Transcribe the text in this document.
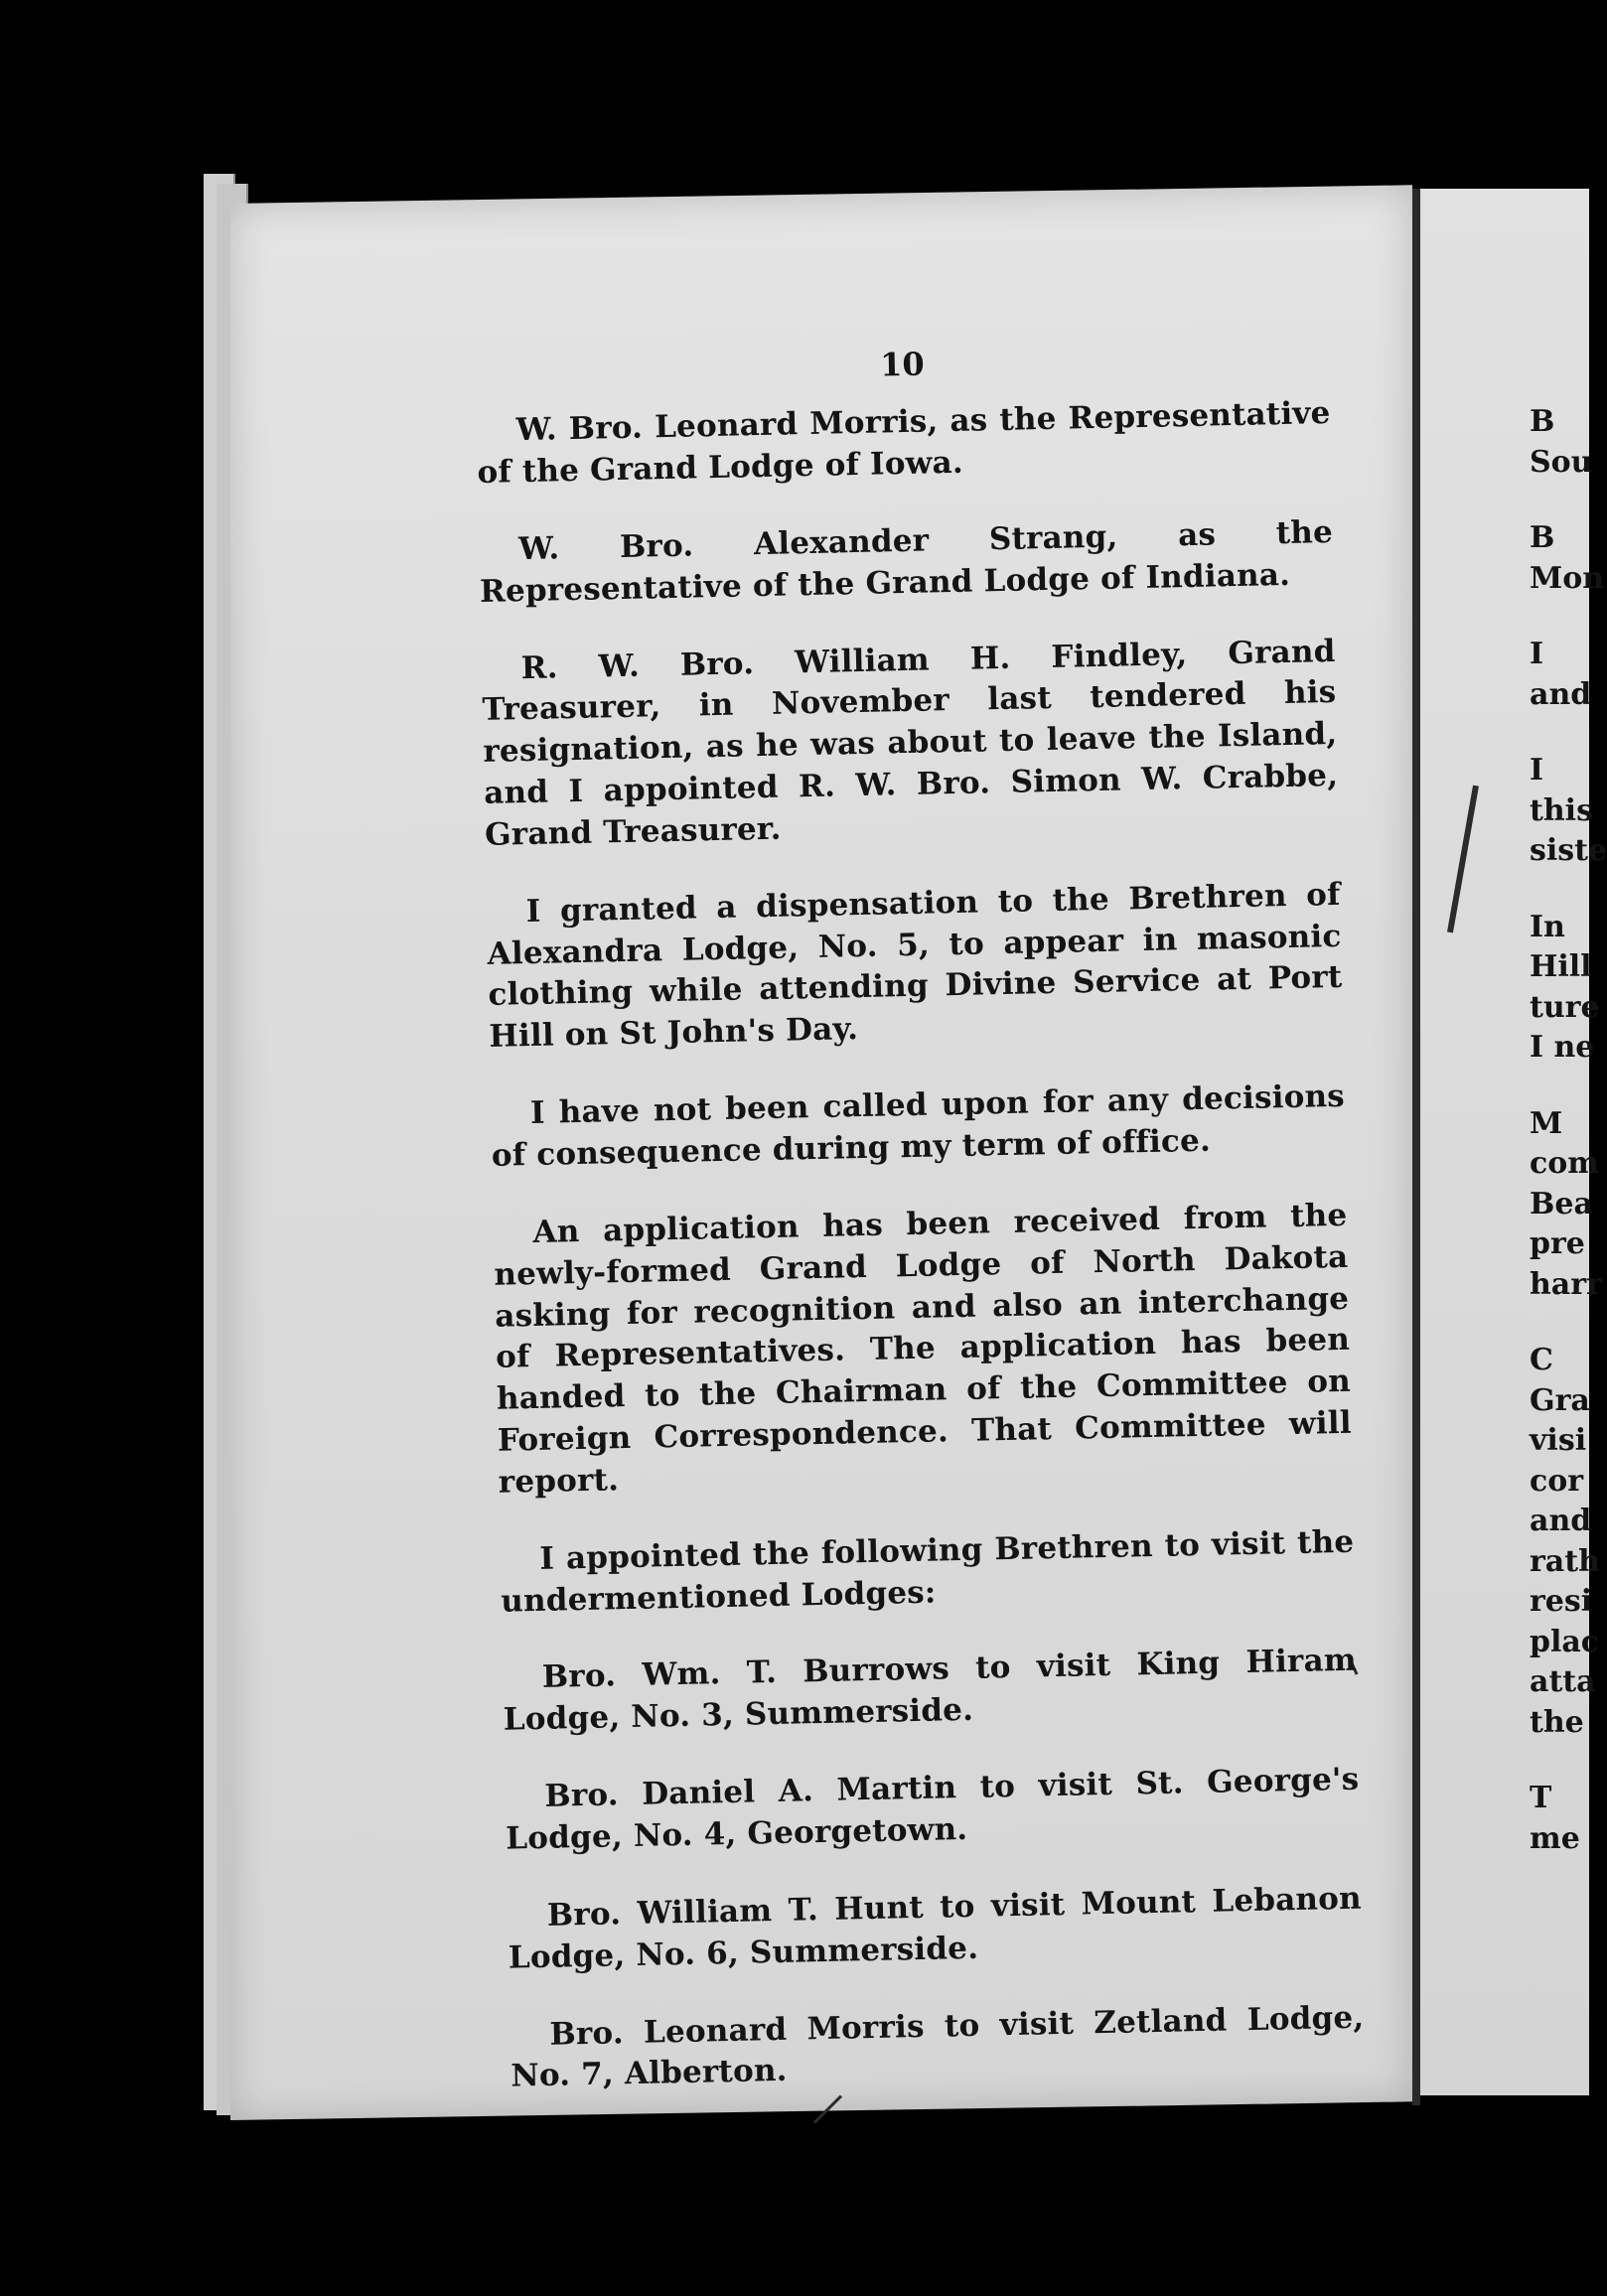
10

W. Bro. Leonard Morris, as the Representative of the Grand Lodge of Iowa.

W. Bro. Alexander Strang, as the Representative of the Grand Lodge of Indiana.

R. W. Bro. William H. Findley, Grand Treasurer, in November last tendered his resignation, as he was about to leave the Island, and I appointed R. W. Bro. Simon W. Crabbe, Grand Treasurer.

I granted a dispensation to the Brethren of Alexandra Lodge, No. 5, to appear in masonic clothing while attending Divine Service at Port Hill on St John's Day.

I have not been called upon for any decisions of consequence during my term of office.

An application has been received from the newly-formed Grand Lodge of North Dakota asking for recognition and also an interchange of Representatives. The application has been handed to the Chairman of the Committee on Foreign Correspondence. That Committee will report.

I appointed the following Brethren to visit the undermentioned Lodges:

Bro. Wm. T. Burrows to visit King Hiram Lodge, No. 3, Summerside.

Bro. Daniel A. Martin to visit St. George's Lodge, No. 4, Georgetown.

Bro. William T. Hunt to visit Mount Lebanon Lodge, No. 6, Summerside.

Bro. Leonard Morris to visit Zetland Lodge, No. 7, Alberton.

B

Sou

B

Mon

I

and

I

this

siste

In

Hill

ture

I ne

M

com

Bea

pre

harr

C

Gra

visi

cor

and

rath

resi

plac

atta

the

T

me
